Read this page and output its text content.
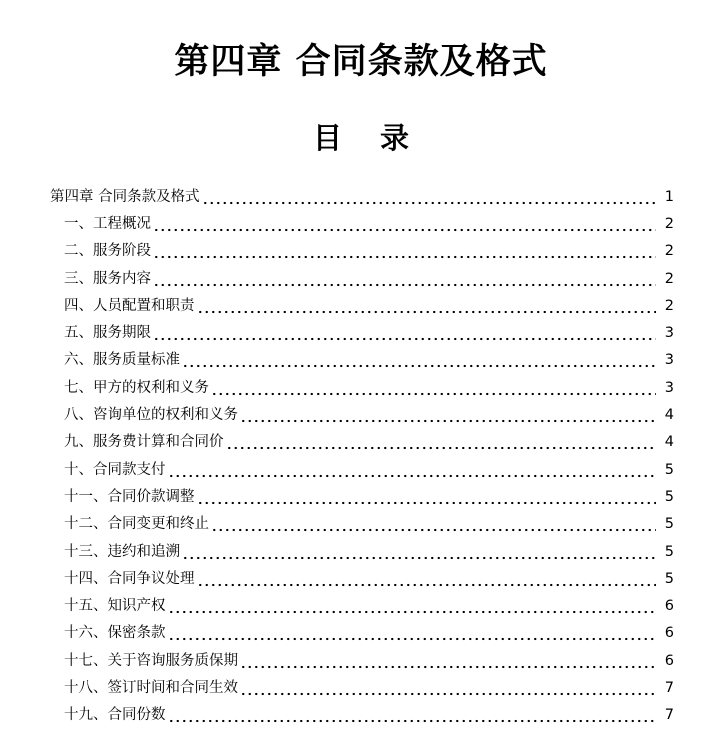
第四章 合同条款及格式
目 录
第四章 合同条款及格式	1
一、工程概况	2
二、服务阶段	2
三、服务内容	2
四、人员配置和职责	2
五、服务期限	3
六、服务质量标准	3
七、甲方的权利和义务	3
八、咨询单位的权利和义务	4
九、服务费计算和合同价	4
十、合同款支付	5
十一、合同价款调整	5
十二、合同变更和终止	5
十三、违约和追溯	5
十四、合同争议处理	5
十五、知识产权	6
十六、保密条款	6
十七、关于咨询服务质保期	6
十八、签订时间和合同生效	7
十九、合同份数	7
